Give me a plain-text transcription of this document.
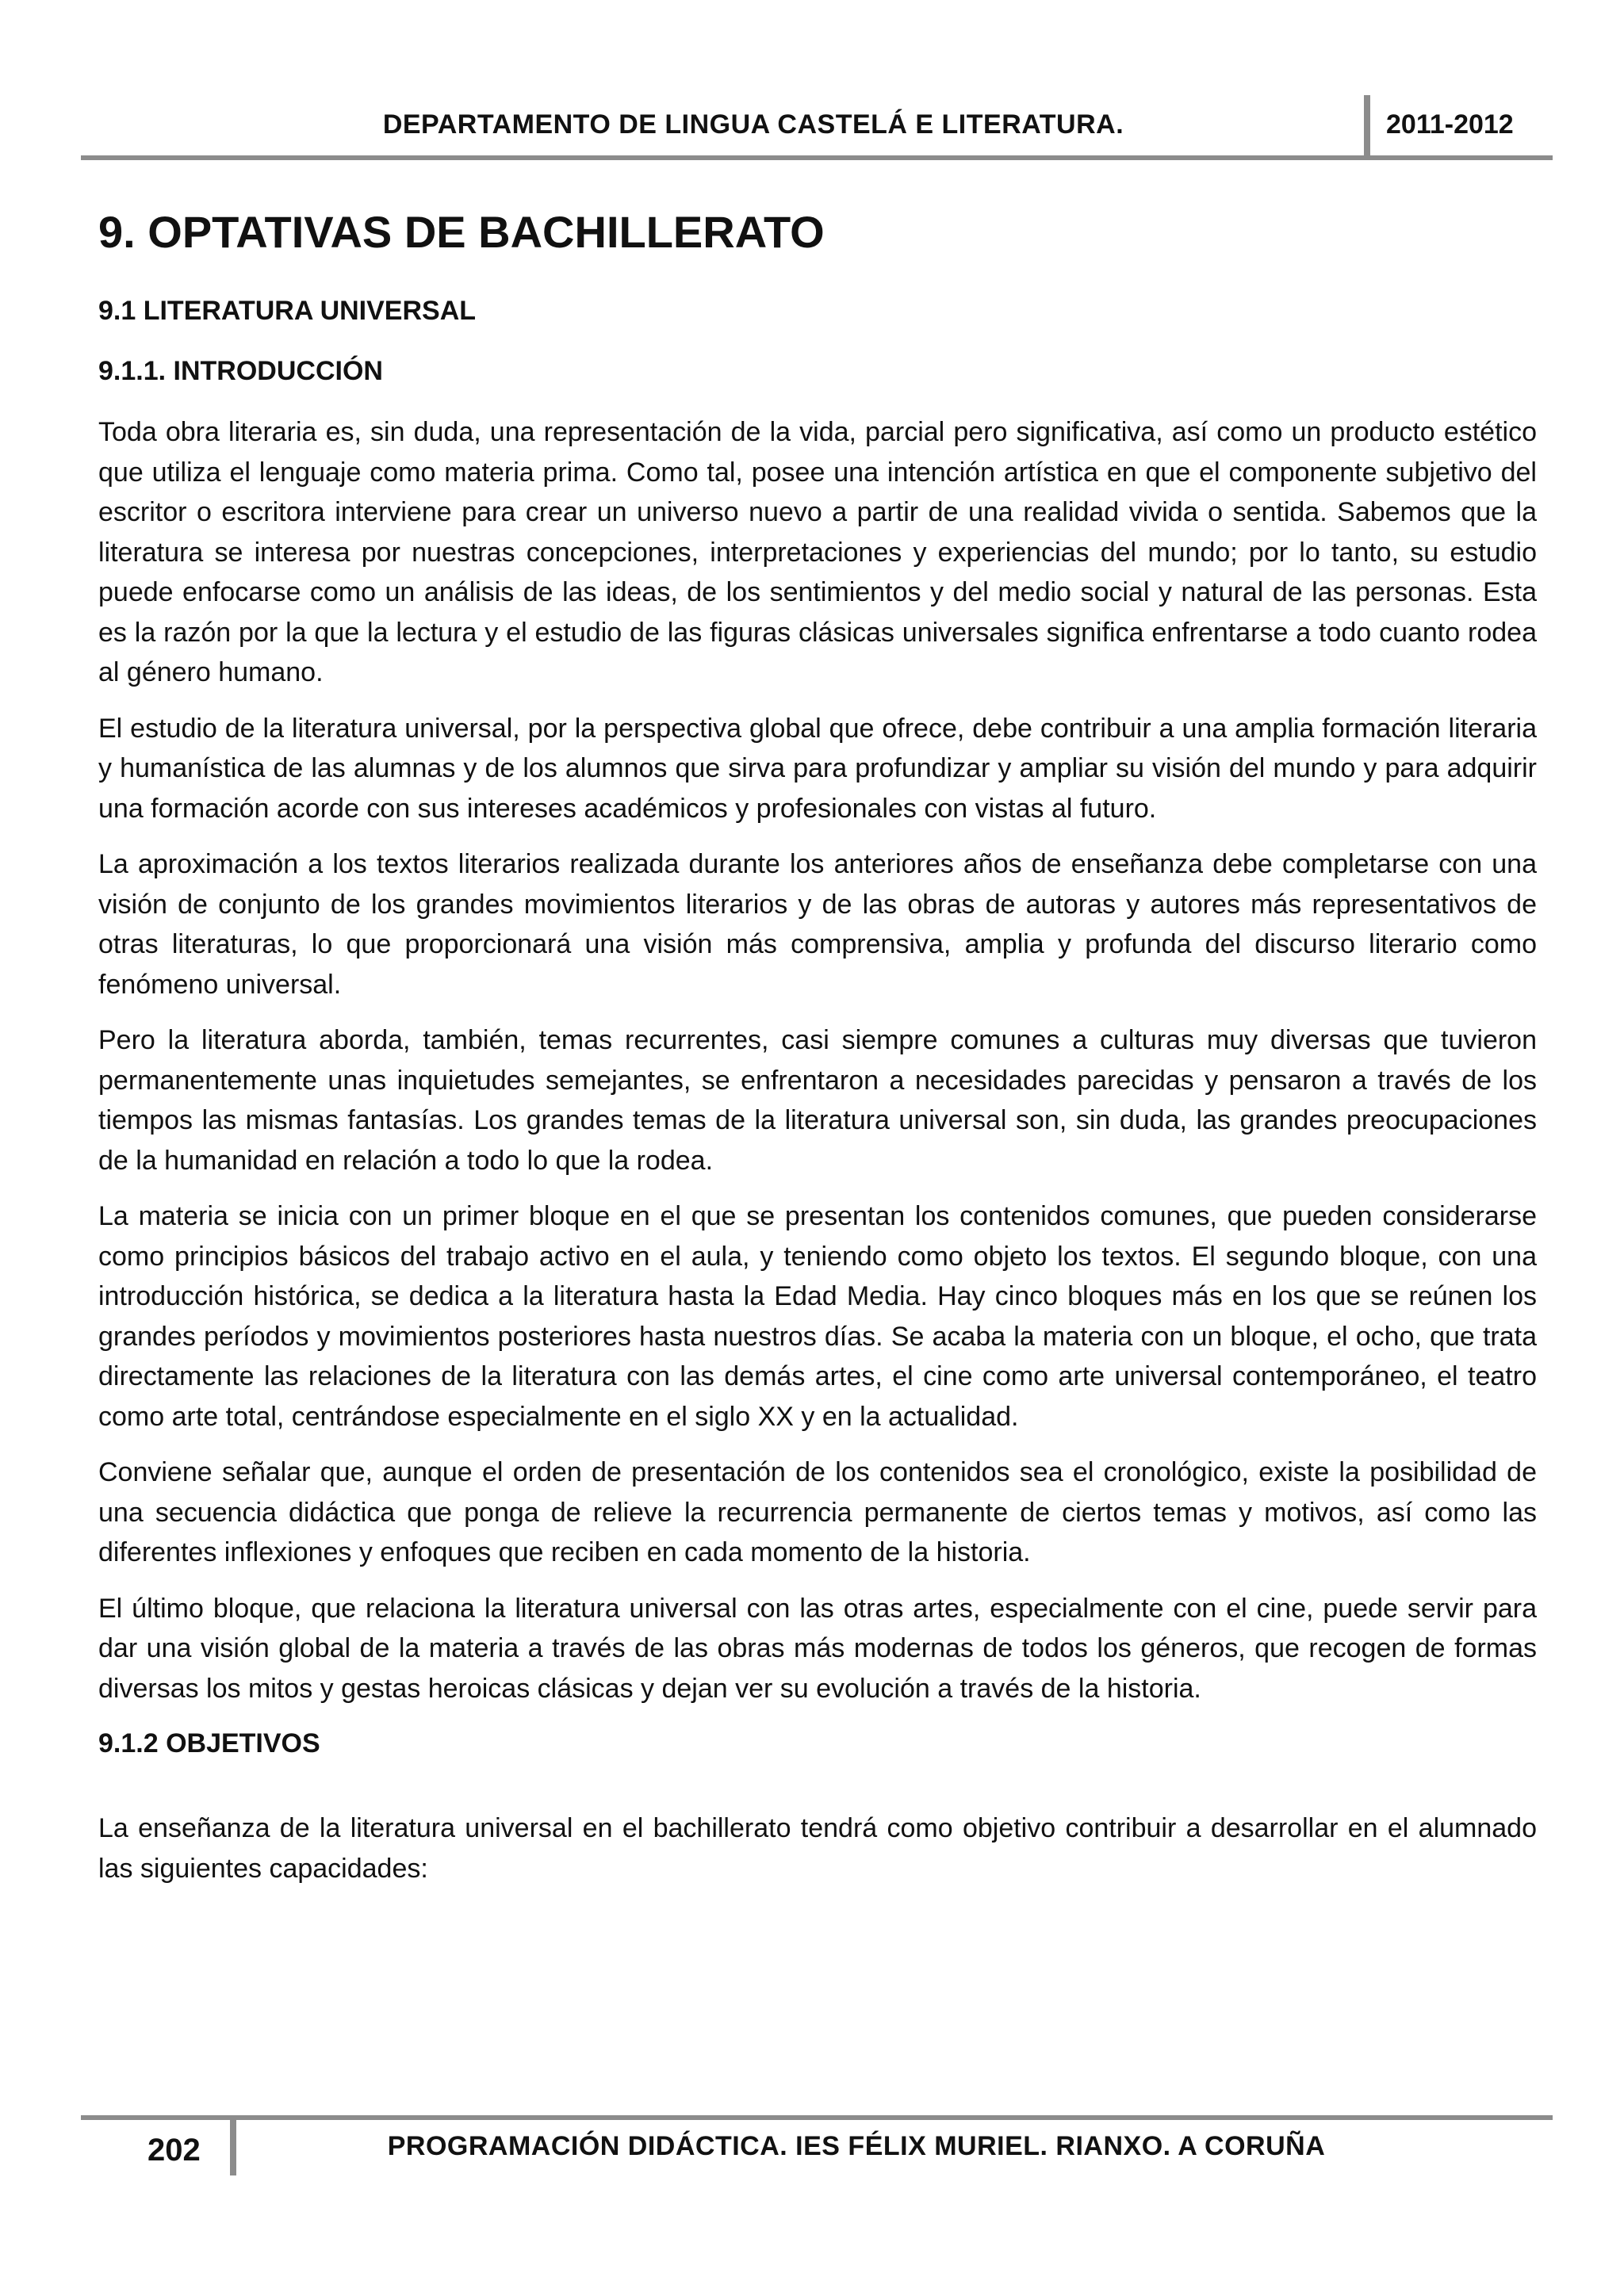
DEPARTAMENTO DE LINGUA CASTELÁ E LITERATURA.	2011-2012
9. OPTATIVAS DE BACHILLERATO
9.1 LITERATURA UNIVERSAL
9.1.1. INTRODUCCIÓN

Toda obra literaria es, sin duda, una representación de la vida, parcial pero significativa, así como un producto estético que utiliza el lenguaje como materia prima. Como tal, posee una intención artística en que el componente subjetivo del escritor o escritora interviene para crear un universo nuevo a partir de una realidad vivida o sentida. Sabemos que la literatura se interesa por nuestras concepciones, interpretaciones y experiencias del mundo; por lo tanto, su estudio puede enfocarse como un análisis de las ideas, de los sentimientos y del medio social y natural de las personas. Esta es la razón por la que la lectura y el estudio de las figuras clásicas universales significa enfrentarse a todo cuanto rodea al género humano.

El estudio de la literatura universal, por la perspectiva global que ofrece, debe contribuir a una amplia formación literaria y humanística de las alumnas y de los alumnos que sirva para profundizar y ampliar su visión del mundo y para adquirir una formación acorde con sus intereses académicos y profesionales con vistas al futuro.

La aproximación a los textos literarios realizada durante los anteriores años de enseñanza debe completarse con una visión de conjunto de los grandes movimientos literarios y de las obras de autoras y autores más representativos de otras literaturas, lo que proporcionará una visión más comprensiva, amplia y profunda del discurso literario como fenómeno universal.

Pero la literatura aborda, también, temas recurrentes, casi siempre comunes a culturas muy diversas que tuvieron permanentemente unas inquietudes semejantes, se enfrentaron a necesidades parecidas y pensaron a través de los tiempos las mismas fantasías. Los grandes temas de la literatura universal son, sin duda, las grandes preocupaciones de la humanidad en relación a todo lo que la rodea.

La materia se inicia con un primer bloque en el que se presentan los contenidos comunes, que pueden considerarse como principios básicos del trabajo activo en el aula, y teniendo como objeto los textos. El segundo bloque, con una introducción histórica, se dedica a la literatura hasta la Edad Media. Hay cinco bloques más en los que se reúnen los grandes períodos y movimientos posteriores hasta nuestros días. Se acaba la materia con un bloque, el ocho, que trata directamente las relaciones de la literatura con las demás artes, el cine como arte universal contemporáneo, el teatro como arte total, centrándose especialmente en el siglo XX y en la actualidad.

Conviene señalar que, aunque el orden de presentación de los contenidos sea el cronológico, existe la posibilidad de una secuencia didáctica que ponga de relieve la recurrencia permanente de ciertos temas y motivos, así como las diferentes inflexiones y enfoques que reciben en cada momento de la historia.

El último bloque, que relaciona la literatura universal con las otras artes, especialmente con el cine, puede servir para dar una visión global de la materia a través de las obras más modernas de todos los géneros, que recogen de formas diversas los mitos y gestas heroicas clásicas y dejan ver su evolución a través de la historia.

9.1.2 OBJETIVOS

La enseñanza de la literatura universal en el bachillerato tendrá como objetivo contribuir a desarrollar en el alumnado las siguientes capacidades:

202	PROGRAMACIÓN DIDÁCTICA. IES FÉLIX MURIEL. RIANXO. A CORUÑA
